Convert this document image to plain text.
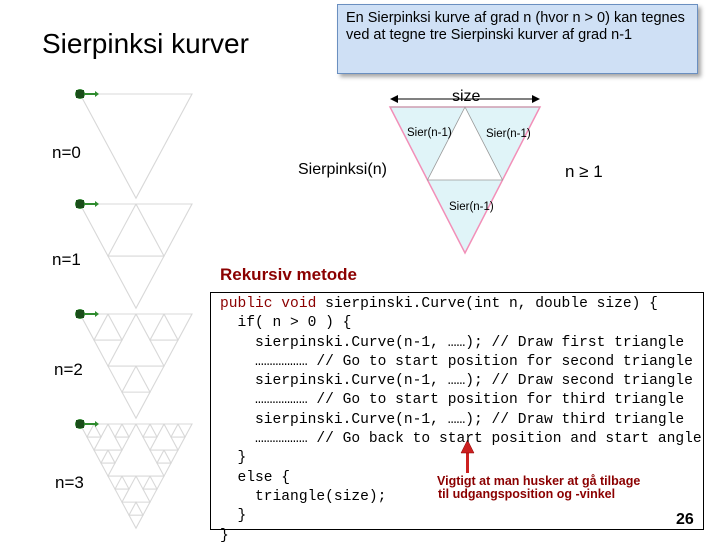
Sierpinksi kurver
En Sierpinksi kurve af grad n (hvor n > 0) kan tegnes ved at tegne tre Sierpinski kurver af grad n-1
size
Sier(n-1)	Sier(n-1)
Sier(n-1)
Sierpinksi(n)	n ≥ 1
n=0
n=1
n=2
n=3
Rekursiv metode
public void sierpinski.Curve(int n, double size) {
if( n > 0 ) {
sierpinski.Curve(n-1, ……); // Draw first triangle
……………… // Go to start position for second triangle
sierpinski.Curve(n-1, ……); // Draw second triangle
……………… // Go to start position for third triangle
sierpinski.Curve(n-1, ……); // Draw third triangle
……………… // Go back to start position and start angle
}
else {
triangle(size);
}
}
Vigtigt at man husker at gå tilbage
til udgangsposition og -vinkel
26
